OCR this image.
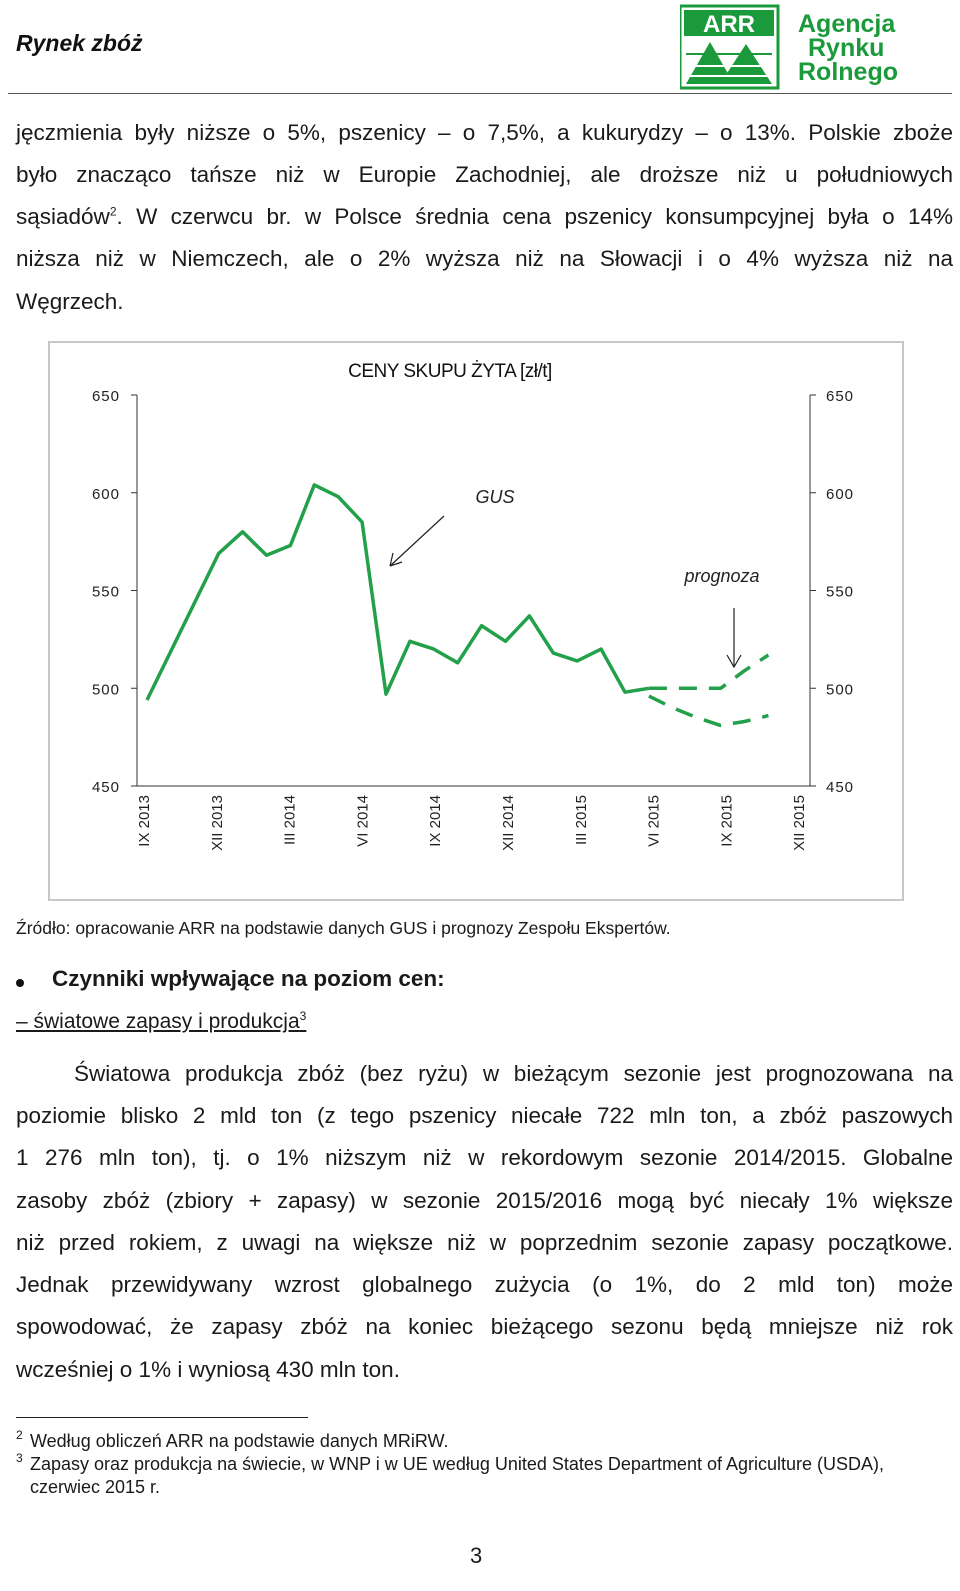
Rynek zbóż
ARR Agencja
Rynku
Rolnego

jęczmienia były niższe o 5%, pszenicy – o 7,5%, a kukurydzy – o 13%. Polskie zboże

było znacząco tańsze niż w Europie Zachodniej, ale droższe niż u południowych

sąsiadów$^2$. W czerwcu br. w Polsce średnia cena pszenicy konsumpcyjnej była o 14%

niższa niż w Niemczech, ale o 2% wyższa niż na Słowacji i o 4% wyższa niż na

Węgrzech.

650	650
600	600
550	550
500	500
450	450
IX 2013	XII 2013	III 2014	VI 2014	IX 2014	XII 2014	III 2015	VI 2015	IX 2015	XII 2015
CENY SKUPU ŻYTA [zł/t]
GUS
prognoza
Źródło: opracowanie ARR na podstawie danych GUS i prognozy Zespołu Ekspertów.
Czynniki wpływające na poziom cen:
– światowe zapasy i produkcja$^3$

Światowa produkcja zbóż (bez ryżu) w bieżącym sezonie jest prognozowana na

poziomie blisko 2 mld ton (z tego pszenicy niecałe 722 mln ton, a zbóż paszowych

1 276 mln ton), tj. o 1% niższym niż w rekordowym sezonie 2014/2015. Globalne

zasoby zbóż (zbiory + zapasy) w sezonie 2015/2016 mogą być niecały 1% większe

niż przed rokiem, z uwagi na większe niż w poprzednim sezonie zapasy początkowe.

Jednak przewidywany wzrost globalnego zużycia (o 1%, do 2 mld ton) może

spowodować, że zapasy zbóż na koniec bieżącego sezonu będą mniejsze niż rok

wcześniej o 1% i wyniosą 430 mln ton.

2 Według obliczeń ARR na podstawie danych MRiRW.
3 Zapasy oraz produkcja na świecie, w WNP i w UE według United States Department of Agriculture (USDA), czerwiec 2015 r.
3
